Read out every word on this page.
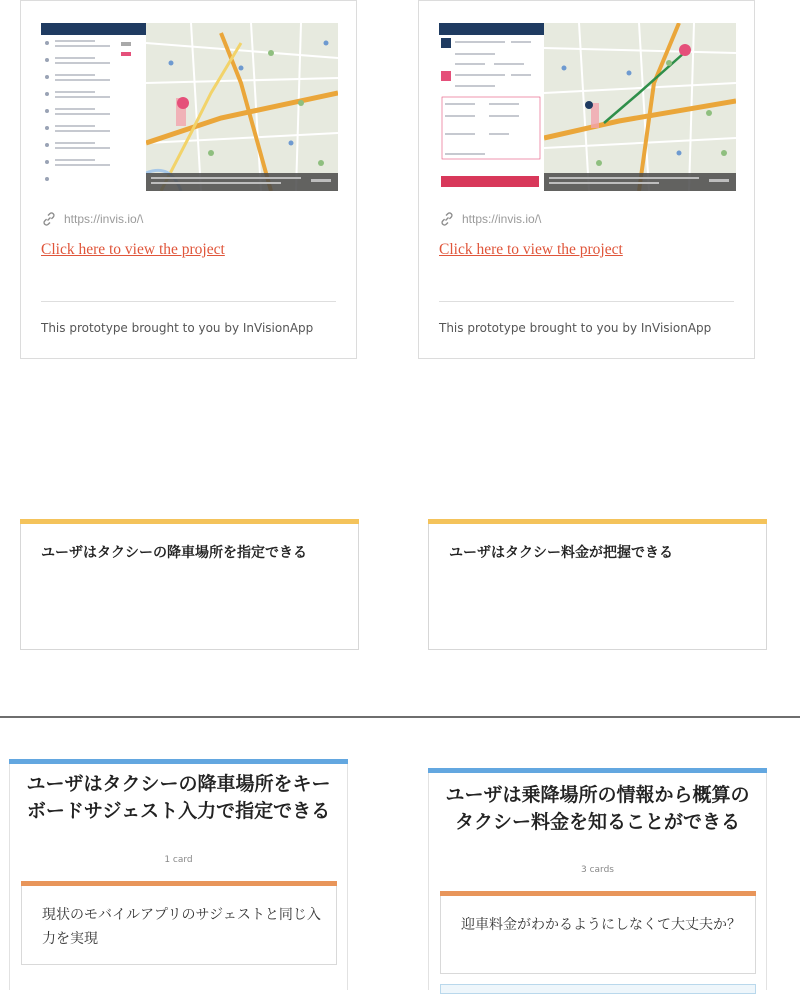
https://invis.io/\
Click here to view the project
This prototype brought to you by InVisionApp
https://invis.io/\
Click here to view the project
This prototype brought to you by InVisionApp
ユーザはタクシーの降車場所を指定できる	ユーザはタクシー料金が把握できる
ユーザはタクシーの降車場所をキーボードサジェスト入力で指定できる
1 card
現状のモバイルアプリのサジェストと同じ入力を実現
ユーザは乗降場所の情報から概算のタクシー料金を知ることができる
3 cards
迎車料金がわかるようにしなくて大丈夫か？
